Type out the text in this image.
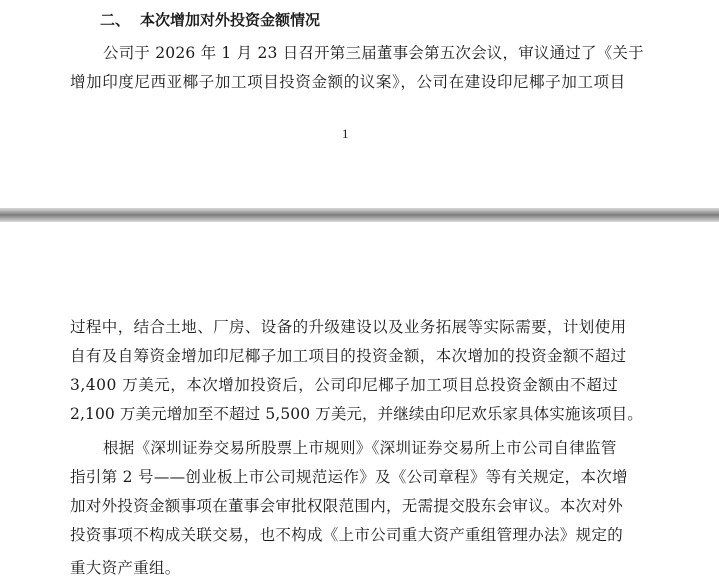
二、 本次增加对外投资金额情况
公司于 2026 年 1 月 23 日召开第三届董事会第五次会议，审议通过了《关于
增加印度尼西亚椰子加工项目投资金额的议案》，公司在建设印尼椰子加工项目
1
过程中，结合土地、厂房、设备的升级建设以及业务拓展等实际需要，计划使用
自有及自筹资金增加印尼椰子加工项目的投资金额，本次增加的投资金额不超过
3,400 万美元，本次增加投资后，公司印尼椰子加工项目总投资金额由不超过
2,100 万美元增加至不超过 5,500 万美元，并继续由印尼欢乐家具体实施该项目。
根据《深圳证券交易所股票上市规则》《深圳证券交易所上市公司自律监管
指引第 2 号——创业板上市公司规范运作》及《公司章程》等有关规定，本次增
加对外投资金额事项在董事会审批权限范围内，无需提交股东会审议。本次对外
投资事项不构成关联交易，也不构成《上市公司重大资产重组管理办法》规定的
重大资产重组。
